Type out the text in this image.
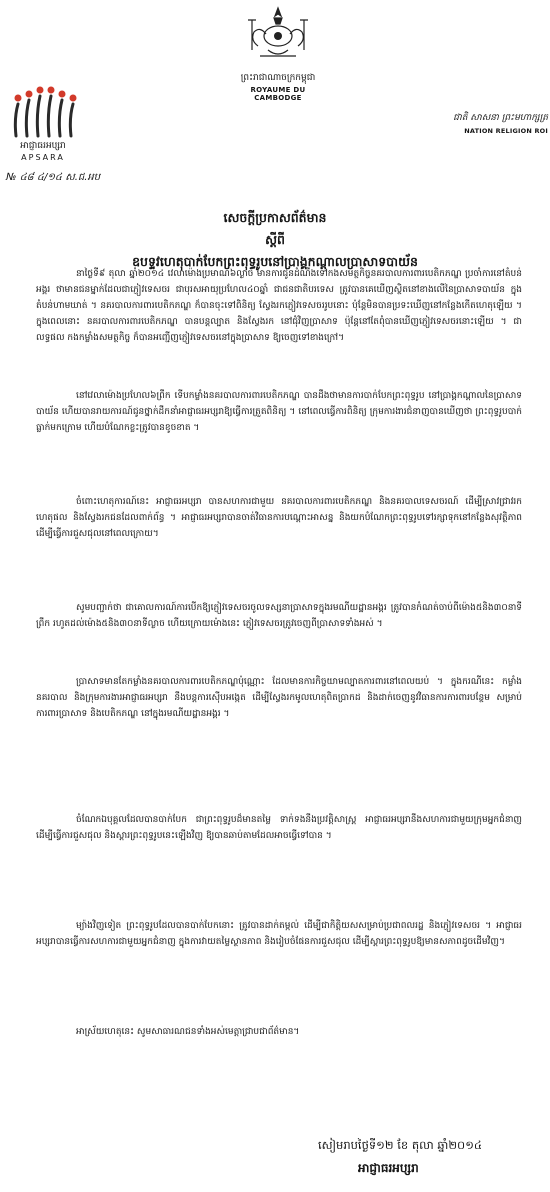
អាជ្ញាធរអប្សរា
APSARA
№ ៤៨ ៤/១៤ ស.ជ.អប
ព្រះរាជាណាចក្រកម្ពុជា
ROYAUME DU CAMBODGE
ជាតិ សាសនា ព្រះមហាក្សត្រ
NATION RELIGION ROI
សេចក្តីប្រកាសព័ត៌មាន
ស្តីពី
ឧបទ្ទវហេតុបាក់បែកព្រះពុទ្ធរូបនៅប្រាង្គកណ្តាលប្រាសាទបាយ័ន

នាថ្ងៃទី៩ តុលា ឆ្នាំ២០១៤ វេលាម៉ោងប្រមាណ៦ល្ងាច មានការជូនដំណឹងទៅកងសមត្ថកិច្ចនគរបាលការពារបេតិកភណ្ឌ ប្រចាំការនៅតំបន់អង្គរ ថាមានជនម្នាក់ដែលជាភ្ញៀវទេសចរ ជាបុរសអាយុប្រហែល៤០ឆ្នាំ ជាជនជាតិបរទេស ត្រូវបានគេឃើញស្ថិតនៅខាងលើនៃប្រាសាទបាយ័ន ក្នុងតំបន់ហាមឃាត់ ។ នគរបាលការពារបេតិកភណ្ឌ ក៏បានចុះទៅពិនិត្យ ស្វែងរកភ្ញៀវទេសចររូបនោះ ប៉ុន្តែមិនបានប្រទះឃើញនៅកន្លែងកើតហេតុឡើយ ។ ក្នុងពេលនោះ នគរបាលការពារបេតិកភណ្ឌ បានបន្តល្បាត និងស្វែងរក នៅជុំវិញប្រាសាទ ប៉ុន្តែនៅតែពុំបានឃើញភ្ញៀវទេសចរនោះឡើយ ។ ជាលទ្ធផល កងកម្លាំងសមត្ថកិច្ច ក៏បានអញ្ជើញភ្ញៀវទេសចរនៅក្នុងប្រាសាទ ឱ្យចេញទៅខាងក្រៅ។

នៅវេលាម៉ោងប្រហែល៦ព្រឹក ទើបកម្លាំងនគរបាលការពារបេតិកភណ្ឌ បានដឹងថាមានការបាក់បែកព្រះពុទ្ធរូប នៅប្រាង្គកណ្តាលនៃប្រាសាទបាយ័ន ហើយបានរាយការណ៍ជូនថ្នាក់ដឹកនាំអាជ្ញាធរអប្សរាឱ្យធ្វើការត្រួតពិនិត្យ ។ នៅពេលធ្វើការពិនិត្យ ក្រុមការងារជំនាញបានឃើញថា ព្រះពុទ្ធរូបបាក់ធ្លាក់មកក្រោម ហើយបំណែកខ្លះត្រូវបានខូចខាត ។

ចំពោះហេតុការណ៍នេះ អាជ្ញាធរអប្សរា បានសហការជាមួយ នគរបាលការពារបេតិកភណ្ឌ និងនគរបាលទេសចរណ៍ ដើម្បីស្រាវជ្រាវរកហេតុផល និងស្វែងរកជនដែលពាក់ព័ន្ធ ។ អាជ្ញាធរអប្សរាបានចាត់វិធានការបណ្តោះអាសន្ន និងយកបំណែកព្រះពុទ្ធរូបទៅរក្សាទុកនៅកន្លែងសុវត្ថិភាព ដើម្បីធ្វើការជួសជុលនៅពេលក្រោយ។

សូមបញ្ជាក់ថា ជាគោលការណ៍ការបើកឱ្យភ្ញៀវទេសចរចូលទស្សនាប្រាសាទក្នុងរមណីយដ្ឋានអង្គរ ត្រូវបានកំណត់ចាប់ពីម៉ោង៥និង៣០នាទីព្រឹក រហូតដល់ម៉ោង៥និង៣០នាទីល្ងាច ហើយក្រោយម៉ោងនេះ ភ្ញៀវទេសចរត្រូវចេញពីប្រាសាទទាំងអស់ ។

ប្រាសាទមានតែកម្លាំងនគរបាលការពារបេតិកភណ្ឌប៉ុណ្ណោះ ដែលមានការកិច្ចយាមល្បាតការពារនៅពេលយប់ ។ ក្នុងករណីនេះ កម្លាំងនគរបាល និងក្រុមការងារអាជ្ញាធរអប្សរា នឹងបន្តការស៊ើបអង្កេត ដើម្បីស្វែងរកមូលហេតុពិតប្រាកដ និងដាក់ចេញនូវវិធានការការពារបន្ថែម សម្រាប់ការពារប្រាសាទ និងបេតិកភណ្ឌ នៅក្នុងរមណីយដ្ឋានអង្គរ ។

ចំណែកឯបុគ្គលដែលបានបាក់បែក ជាព្រះពុទ្ធរូបដ៏មានតម្លៃ ទាក់ទងនឹងប្រវត្តិសាស្ត្រ អាជ្ញាធរអប្សរានឹងសហការជាមួយក្រុមអ្នកជំនាញ ដើម្បីធ្វើការជួសជុល និងស្តារព្រះពុទ្ធរូបនេះឡើងវិញ ឱ្យបានឆាប់តាមដែលអាចធ្វើទៅបាន ។

ម្យ៉ាងវិញទៀត ព្រះពុទ្ធរូបដែលបានបាក់បែកនោះ ត្រូវបានដាក់តម្កល់ ដើម្បីជាកិត្តិយសសម្រាប់ប្រជាពលរដ្ឋ និងភ្ញៀវទេសចរ ។ អាជ្ញាធរអប្សរាបានធ្វើការសហការជាមួយអ្នកជំនាញ ក្នុងការវាយតម្លៃស្ថានភាព និងរៀបចំផែនការជួសជុល ដើម្បីស្ដារព្រះពុទ្ធរូបឱ្យមានសភាពដូចដើមវិញ។

អាស្រ័យហេតុនេះ សូមសាធារណជនទាំងអស់មេត្តាជ្រាបជាព័ត៌មាន។

សៀមរាបថ្ងៃទី១២ ខែ តុលា ឆ្នាំ២០១៤
អាជ្ញាធរអប្សរា
